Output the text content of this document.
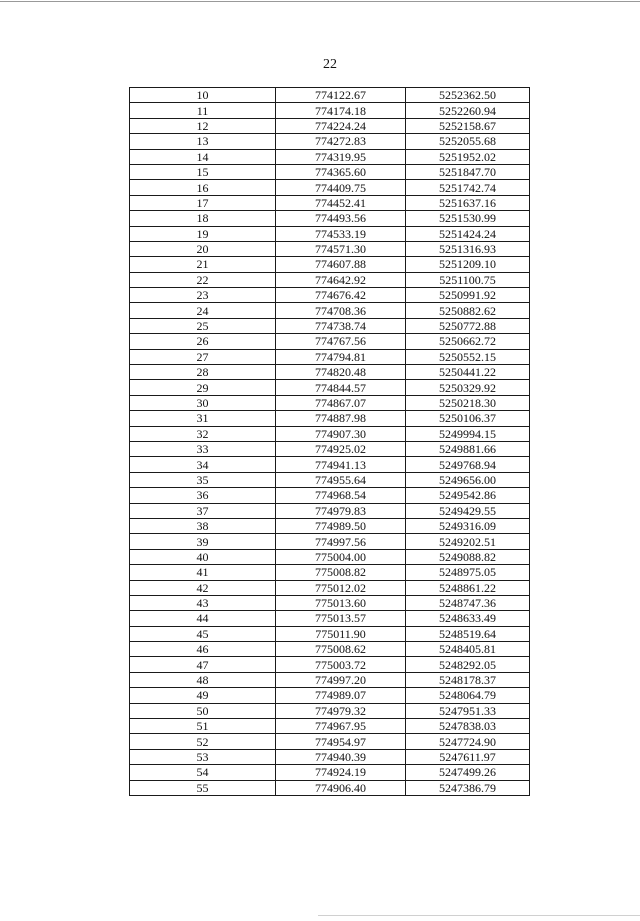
22
10	774122.67	5252362.50
11	774174.18	5252260.94
12	774224.24	5252158.67
13	774272.83	5252055.68
14	774319.95	5251952.02
15	774365.60	5251847.70
16	774409.75	5251742.74
17	774452.41	5251637.16
18	774493.56	5251530.99
19	774533.19	5251424.24
20	774571.30	5251316.93
21	774607.88	5251209.10
22	774642.92	5251100.75
23	774676.42	5250991.92
24	774708.36	5250882.62
25	774738.74	5250772.88
26	774767.56	5250662.72
27	774794.81	5250552.15
28	774820.48	5250441.22
29	774844.57	5250329.92
30	774867.07	5250218.30
31	774887.98	5250106.37
32	774907.30	5249994.15
33	774925.02	5249881.66
34	774941.13	5249768.94
35	774955.64	5249656.00
36	774968.54	5249542.86
37	774979.83	5249429.55
38	774989.50	5249316.09
39	774997.56	5249202.51
40	775004.00	5249088.82
41	775008.82	5248975.05
42	775012.02	5248861.22
43	775013.60	5248747.36
44	775013.57	5248633.49
45	775011.90	5248519.64
46	775008.62	5248405.81
47	775003.72	5248292.05
48	774997.20	5248178.37
49	774989.07	5248064.79
50	774979.32	5247951.33
51	774967.95	5247838.03
52	774954.97	5247724.90
53	774940.39	5247611.97
54	774924.19	5247499.26
55	774906.40	5247386.79
